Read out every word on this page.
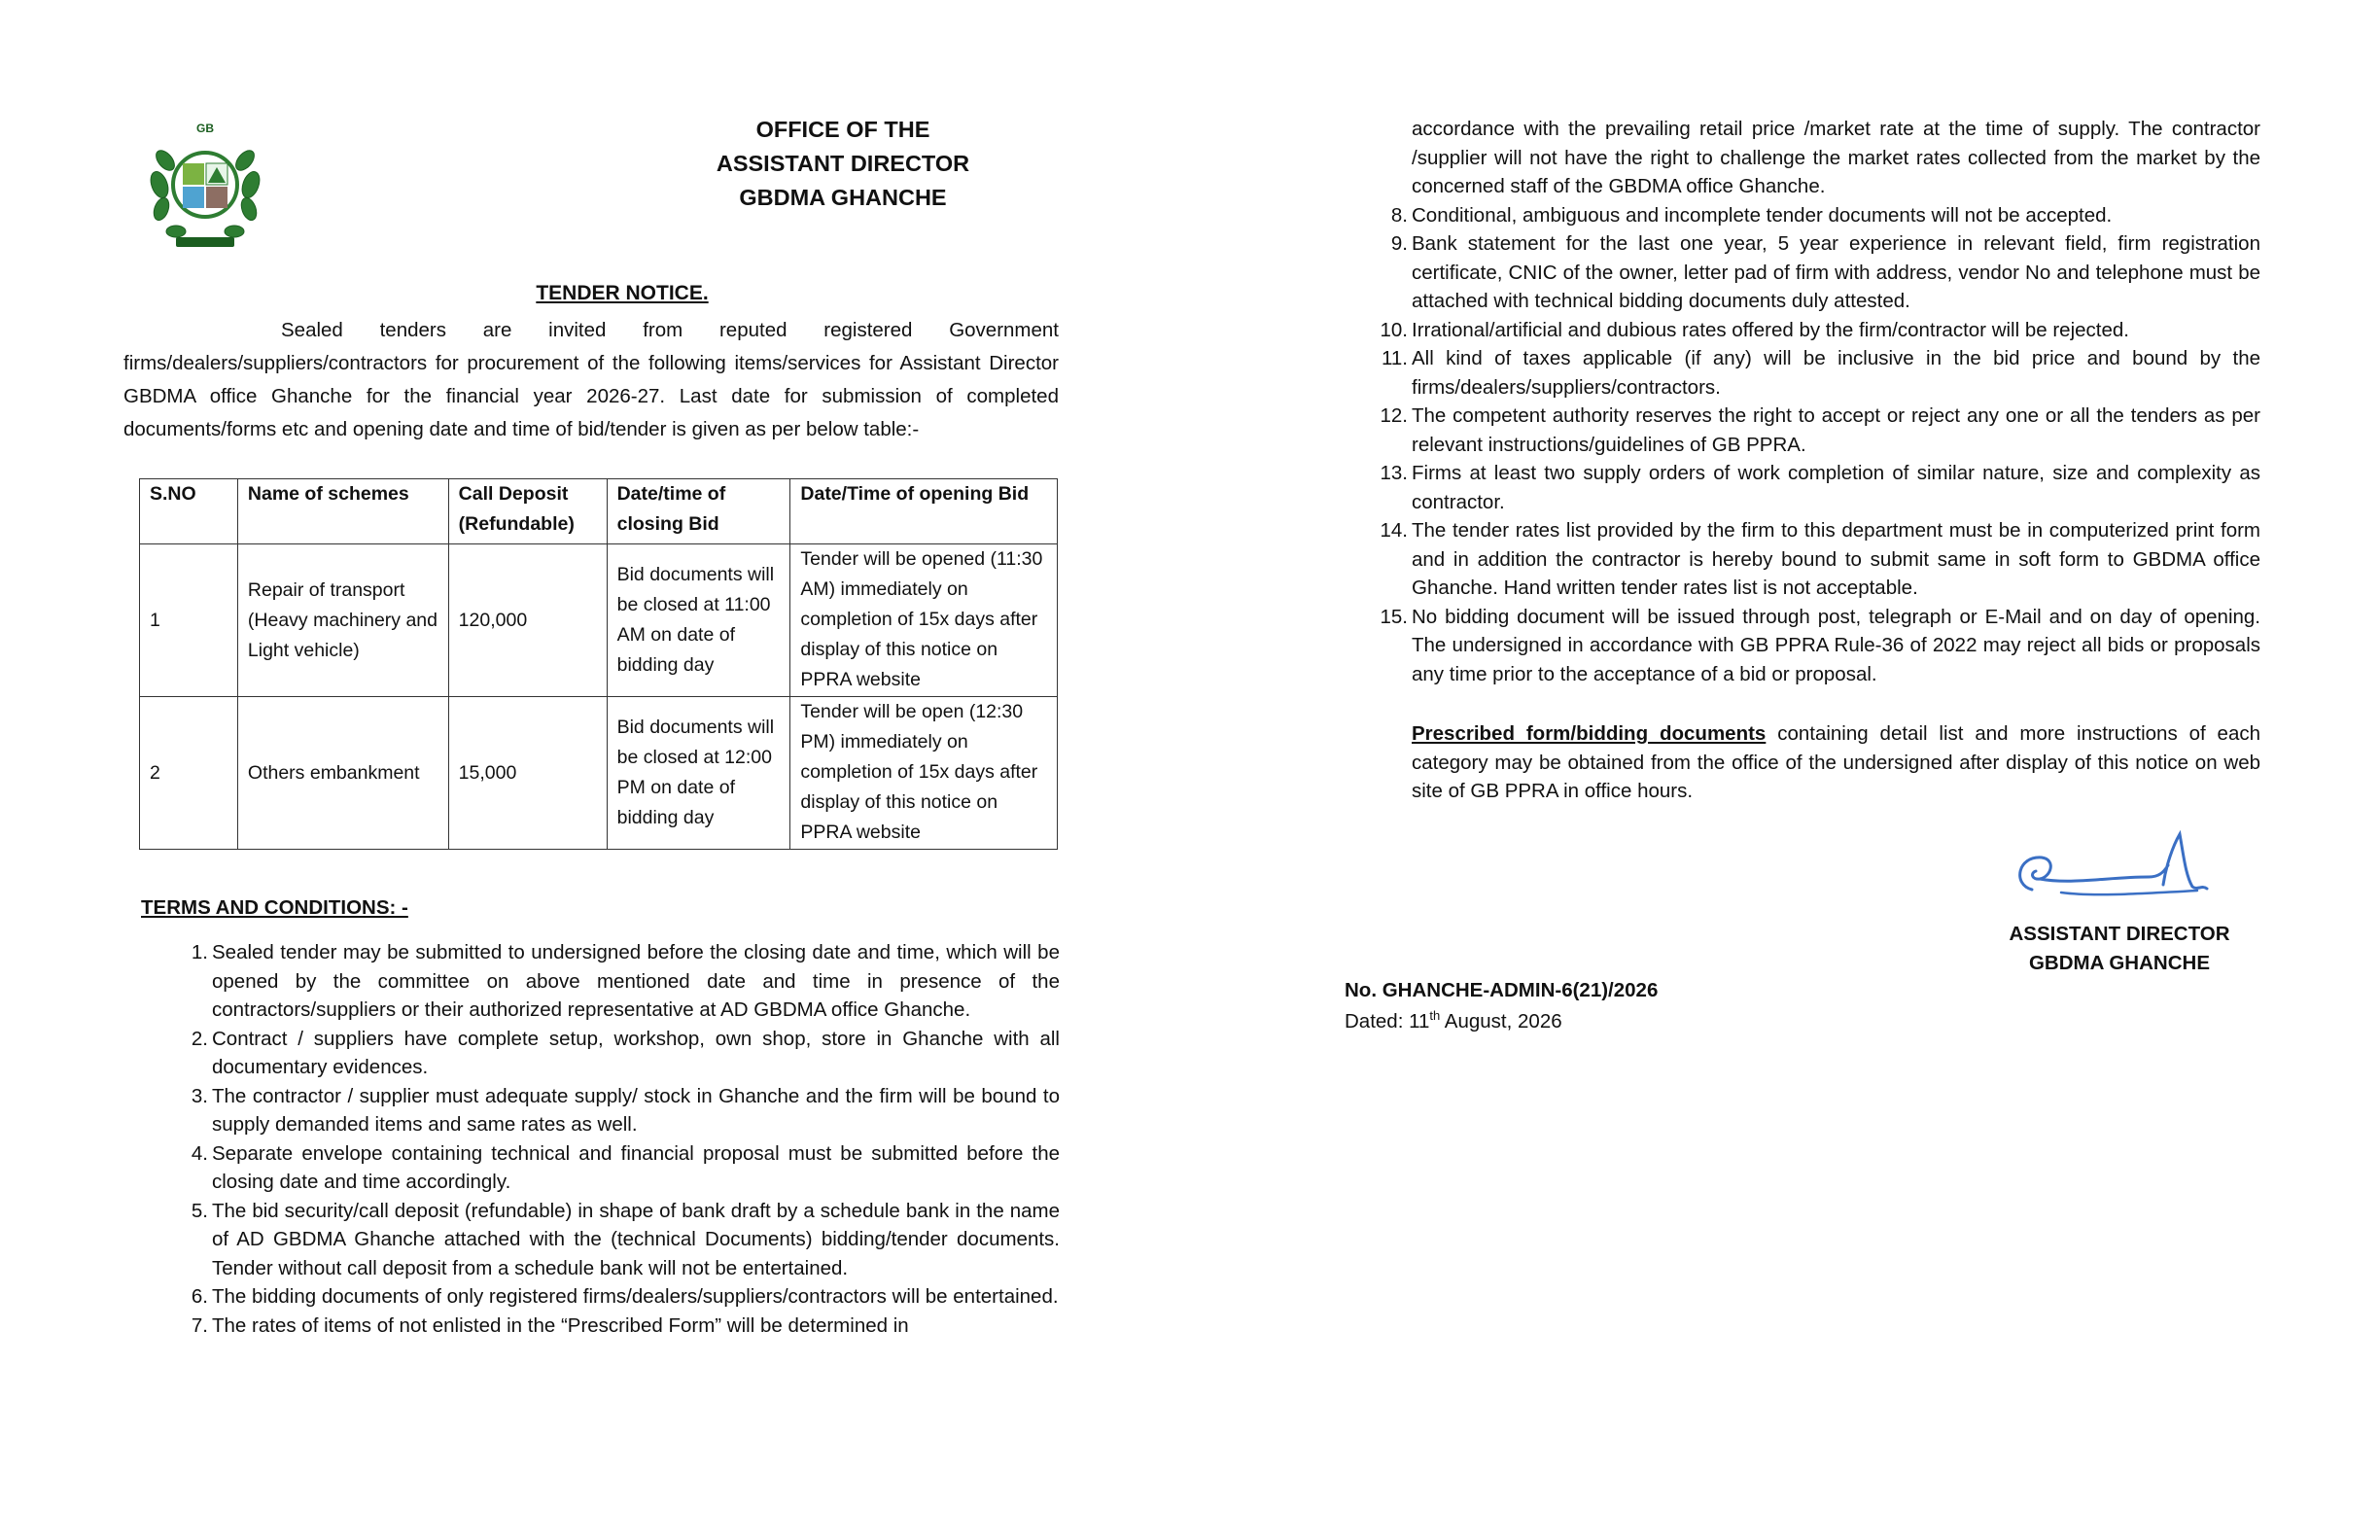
GB	OFFICE OF THE
ASSISTANT DIRECTOR
GBDMA GHANCHE
TENDER NOTICE.
Sealed tenders are invited from reputed registered Government firms/dealers/suppliers/contractors for procurement of the following items/services for Assistant Director GBDMA office Ghanche for the financial year 2026-27. Last date for submission of completed documents/forms etc and opening date and time of bid/tender is given as per below table:-
S.NO	Name of schemes	Call Deposit (Refundable)	Date/time of closing Bid	Date/Time of opening Bid
1	Repair of transport (Heavy machinery and Light vehicle)	120,000	Bid documents will be closed at 11:00 AM on date of bidding day	Tender will be opened (11:30 AM) immediately on completion of 15x days after display of this notice on PPRA website
2	Others embankment	15,000	Bid documents will be closed at 12:00 PM on date of bidding day	Tender will be open (12:30 PM) immediately on completion of 15x days after display of this notice on PPRA website
TERMS AND CONDITIONS: -
1. Sealed tender may be submitted to undersigned before the closing date and time, which will be opened by the committee on above mentioned date and time in presence of the contractors/suppliers or their authorized representative at AD GBDMA office Ghanche.
2. Contract / suppliers have complete setup, workshop, own shop, store in Ghanche with all documentary evidences.
3. The contractor / supplier must adequate supply/ stock in Ghanche and the firm will be bound to supply demanded items and same rates as well.
4. Separate envelope containing technical and financial proposal must be submitted before the closing date and time accordingly.
5. The bid security/call deposit (refundable) in shape of bank draft by a schedule bank in the name of AD GBDMA Ghanche attached with the (technical Documents) bidding/tender documents. Tender without call deposit from a schedule bank will not be entertained.
6. The bidding documents of only registered firms/dealers/suppliers/contractors will be entertained.
7. The rates of items of not enlisted in the “Prescribed Form” will be determined in

accordance with the prevailing retail price /market rate at the time of supply. The contractor /supplier will not have the right to challenge the market rates collected from the market by the concerned staff of the GBDMA office Ghanche.

8. Conditional, ambiguous and incomplete tender documents will not be accepted.
9. Bank statement for the last one year, 5 year experience in relevant field, firm registration certificate, CNIC of the owner, letter pad of firm with address, vendor No and telephone must be attached with technical bidding documents duly attested.
10. Irrational/artificial and dubious rates offered by the firm/contractor will be rejected.
11. All kind of taxes applicable (if any) will be inclusive in the bid price and bound by the firms/dealers/suppliers/contractors.
12. The competent authority reserves the right to accept or reject any one or all the tenders as per relevant instructions/guidelines of GB PPRA.
13. Firms at least two supply orders of work completion of similar nature, size and complexity as contractor.
14. The tender rates list provided by the firm to this department must be in computerized print form and in addition the contractor is hereby bound to submit same in soft form to GBDMA office Ghanche. Hand written tender rates list is not acceptable.
15. No bidding document will be issued through post, telegraph or E-Mail and on day of opening. The undersigned in accordance with GB PPRA Rule-36 of 2022 may reject all bids or proposals any time prior to the acceptance of a bid or proposal.
Prescribed form/bidding documents containing detail list and more instructions of each category may be obtained from the office of the undersigned after display of this notice on web site of GB PPRA in office hours.
ASSISTANT DIRECTOR
GBDMA GHANCHE
No. GHANCHE-ADMIN-6(21)/2026
Dated: 11th August, 2026
